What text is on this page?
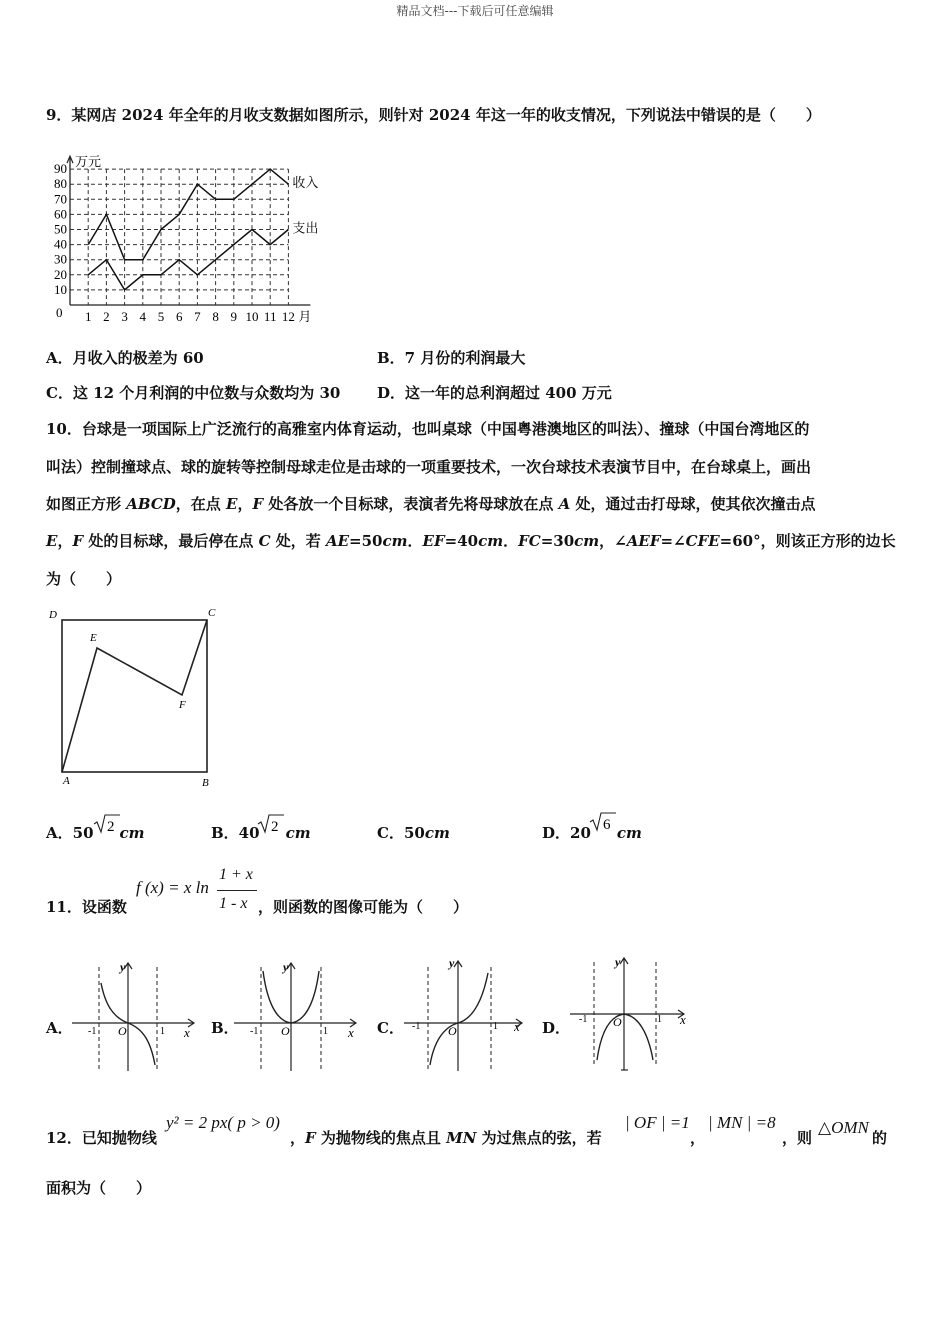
精品文档---下载后可任意编辑
9．某网店 2024 年全年的月收支数据如图所示，则针对 2024 年这一年的收支情况，下列说法中错误的是（　　）
10
20
30
40
50
60
70
80
90
1 2 3 4 5 6 7 8 9 10 11 12
万元
月
0
收入
支出
A．月收入的极差为 60	B．7 月份的利润最大
C．这 12 个月利润的中位数与众数均为 30 D．这一年的总利润超过 400 万元
10．台球是一项国际上广泛流行的高雅室内体育运动，也叫桌球（中国粤港澳地区的叫法）、撞球（中国台湾地区的
叫法）控制撞球点、球的旋转等控制母球走位是击球的一项重要技术，一次台球技术表演节目中，在台球桌上，画出
如图正方形 ABCD，在点 E，F 处各放一个目标球，表演者先将母球放在点 A 处，通过击打母球，使其依次撞击点
E，F 处的目标球，最后停在点 C 处，若 AE=50cm．EF=40cm．FC=30cm，∠AEF=∠CFE=60°，则该正方形的边长
为（　　）
D	C
E
F
A	B
A．50 cm
2	B．40 cm
2	C．50cm	D．20 cm
6
11．设函数
f (x) = x ln
1 + x
1 - x ，则函数的图像可能为（　　）
A．	B．	C．	D．
y
x
O
-1	1
y
x
O
-1	1
y
x
O
-1	1
y
x
O
-1	1
12．已知抛物线
y² = 2 px( p > 0)
，F 为抛物线的焦点且 MN 为过焦点的弦，若
| OF | =1
，
| MN | =8
，则
△OMN
的
面积为（　　）
